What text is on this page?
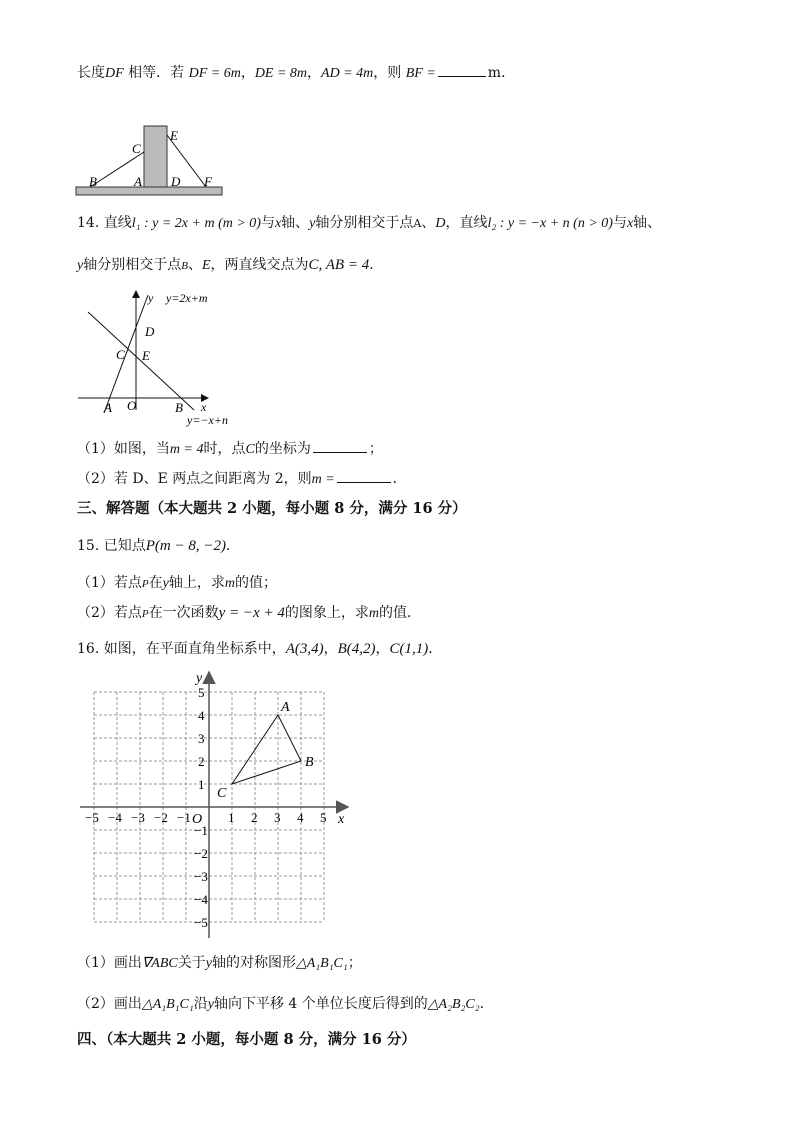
长度DF 相等．若 DF = 6m，DE = 8m，AD = 4m，则 BF =	m．
B
C
A D
E
F
14. 直线l₁ : y = 2x + m (m > 0)与x轴、y轴分别相交于点A、D，直线l₂ : y = −x + n (n > 0)与x轴、
y轴分别相交于点B、E，两直线交点为C, AB = 4．
y y=2x+m
D
C E
A O	B x
y=−x+n
（1）如图，当m = 4时，点C的坐标为	；
（2）若 D、E 两点之间距离为 2，则m =	．
三、解答题（本大题共 2 小题，每小题 8 分，满分 16 分）
15. 已知点P(m − 8, −2)．
（1）若点P在y轴上，求m的值；
（2）若点P在一次函数y = −x + 4的图象上，求m的值．
16. 如图，在平面直角坐标系中，A(3,4)，B(4,2)，C(1,1)．
x
y
O
−5 −4 −3 −2 −1	1 2 3 4 5
5
4
3
2
1
−1
−2
−3
−4
−5
A
B
C
（1）画出∇ABC关于y轴的对称图形△A₁B₁C₁；
（2）画出△A₁B₁C₁沿y轴向下平移 4 个单位长度后得到的△A₂B₂C₂．
四、（本大题共 2 小题，每小题 8 分，满分 16 分）
